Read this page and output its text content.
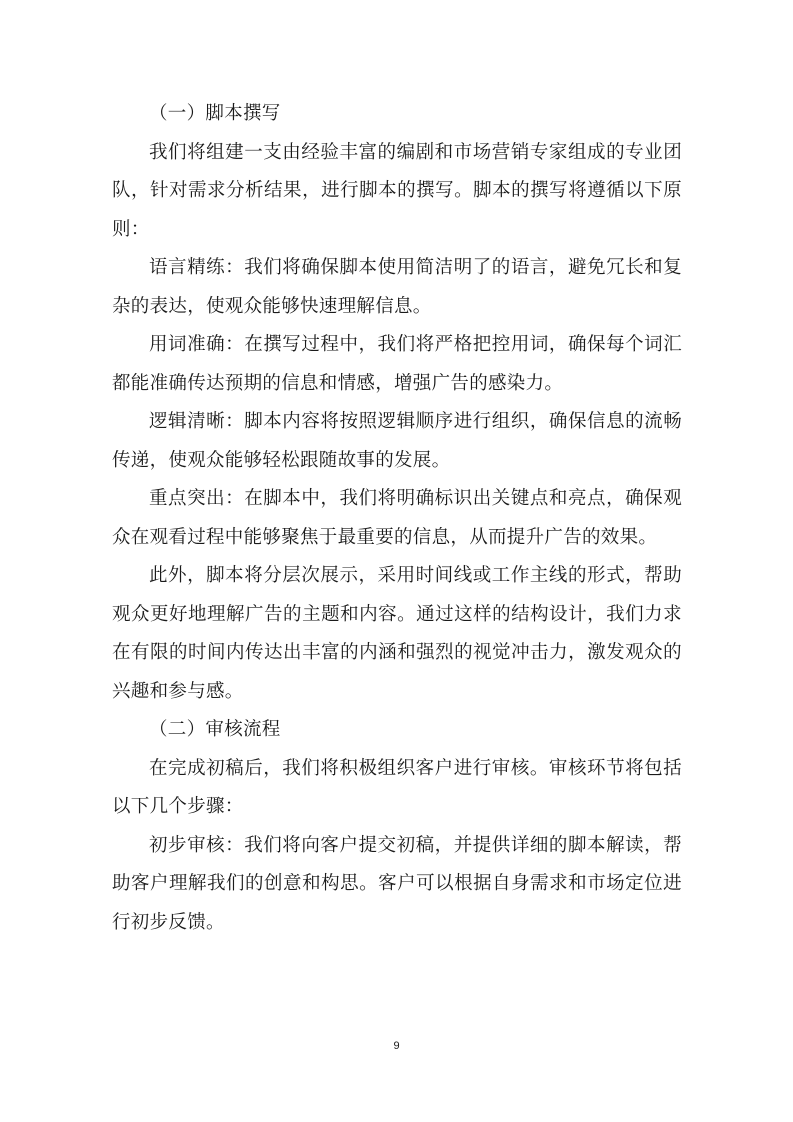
（一）脚本撰写

我们将组建一支由经验丰富的编剧和市场营销专家组成的专业团队，针对需求分析结果，进行脚本的撰写。脚本的撰写将遵循以下原则：

语言精练：我们将确保脚本使用简洁明了的语言，避免冗长和复杂的表达，使观众能够快速理解信息。

用词准确：在撰写过程中，我们将严格把控用词，确保每个词汇都能准确传达预期的信息和情感，增强广告的感染力。

逻辑清晰：脚本内容将按照逻辑顺序进行组织，确保信息的流畅传递，使观众能够轻松跟随故事的发展。

重点突出：在脚本中，我们将明确标识出关键点和亮点，确保观众在观看过程中能够聚焦于最重要的信息，从而提升广告的效果。

此外，脚本将分层次展示，采用时间线或工作主线的形式，帮助观众更好地理解广告的主题和内容。通过这样的结构设计，我们力求在有限的时间内传达出丰富的内涵和强烈的视觉冲击力，激发观众的兴趣和参与感。

（二）审核流程

在完成初稿后，我们将积极组织客户进行审核。审核环节将包括以下几个步骤：

初步审核：我们将向客户提交初稿，并提供详细的脚本解读，帮助客户理解我们的创意和构思。客户可以根据自身需求和市场定位进行初步反馈。

9
